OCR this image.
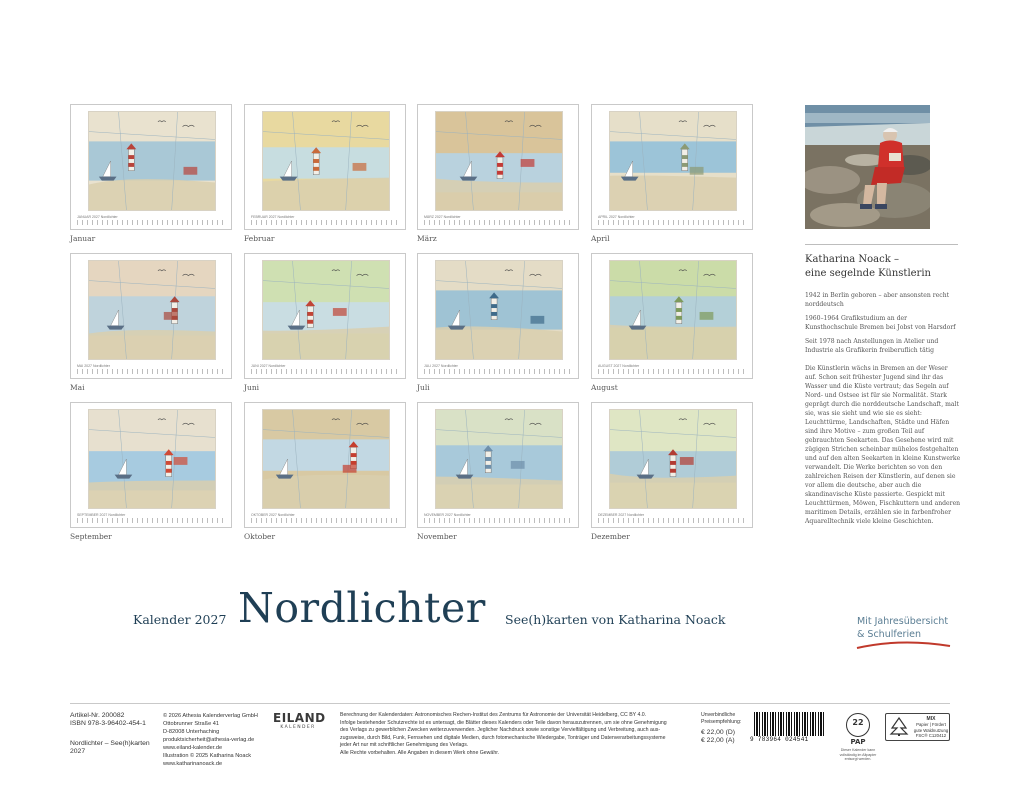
JANUAR 2027 Nordlichter
Januar
FEBRUAR 2027 Nordlichter
Februar
MÄRZ 2027 Nordlichter
März
APRIL 2027 Nordlichter
April
MAI 2027 Nordlichter
Mai
JUNI 2027 Nordlichter
Juni
JULI 2027 Nordlichter
Juli
AUGUST 2027 Nordlichter
August
SEPTEMBER 2027 Nordlichter
September
OKTOBER 2027 Nordlichter
Oktober
NOVEMBER 2027 Nordlichter
November
DEZEMBER 2027 Nordlichter
Dezember
Katharina Noack –
eine segelnde Künstlerin
1942 in Berlin geboren – aber ansonsten recht norddeutsch
1960–1964 Grafikstudium an der Kunsthochschule Bremen bei Jobst von Harsdorf
Seit 1978 nach Anstellungen in Atelier und Industrie als Grafikerin freiberuflich tätig
Die Künstlerin wächs in Bremen an der Weser auf. Schon seit frühester Jugend sind ihr das Wasser und die Küste vertraut; das Segeln auf Nord- und Ostsee ist für sie Normalität. Stark geprägt durch die norddeutsche Landschaft, malt sie, was sie sieht und wie sie es sieht: Leuchttürme, Landschaften, Städte und Häfen sind ihre Motive – zum großen Teil auf gebrauchten Seekarten. Das Gesehene wird mit zügigen Strichen scheinbar mühelos festgehalten und auf den alten Seekarten in kleine Kunstwerke verwandelt. Die Werke berichten so von den zahlreichen Reisen der Künstlerin, auf denen sie vor allem die deutsche, aber auch die skandinavische Küste passierte. Gespickt mit Leuchttürmen, Möwen, Fischkuttern und anderen maritimen Details, erzählen sie in farbenfroher Aquarelltechnik viele kleine Geschichten.
Kalender 2027 Nordlichter See(h)karten von Katharina Noack	Mit Jahresübersicht
& Schulferien
Artikel-Nr. 200082
ISBN 978-3-96402-454-1
Nordlichter – See(h)karten
2027
© 2026 Athesia Kalenderverlag GmbH
Ottobrunner Straße 41
D-82008 Unterhaching
produktsicherheit@athesia-verlag.de
www.eiland-kalender.de
Illustration © 2025 Katharina Noack
www.katharinanoack.de
EILAND
KALENDER
Berechnung der Kalenderdaten: Astronomisches Rechen-Institut des Zentrums für Astronomie der Universität Heidelberg, CC BY 4.0.
Infolge bestehender Schutzrechte ist es untersagt, die Blätter dieses Kalenders oder Teile davon herauszutrennen, um sie ohne Genehmigung
des Verlags zu gewerblichen Zwecken weiterzuverwenden. Jeglicher Nachdruck sowie sonstige Vervielfältigung und Verbreitung, auch aus-
zugsweise, durch Bild, Funk, Fernsehen und digitale Medien, durch fotomechanische Wiedergabe, Tonträger und Datenverarbeitungssysteme
jeder Art nur mit schriftlicher Genehmigung des Verlags.
Alle Rechte vorbehalten. Alle Angaben in diesem Werk ohne Gewähr.
Unverbindliche
Preisempfehlung:
€ 22,00 (D)
€ 22,00 (A)	9 783964 024541
22
PAP
Dieser Kalender kann
vollständig im Altpapier
entsorgt werden.
MIX
Papier | Fördert
gute Waldnutzung
FSC® C120412
